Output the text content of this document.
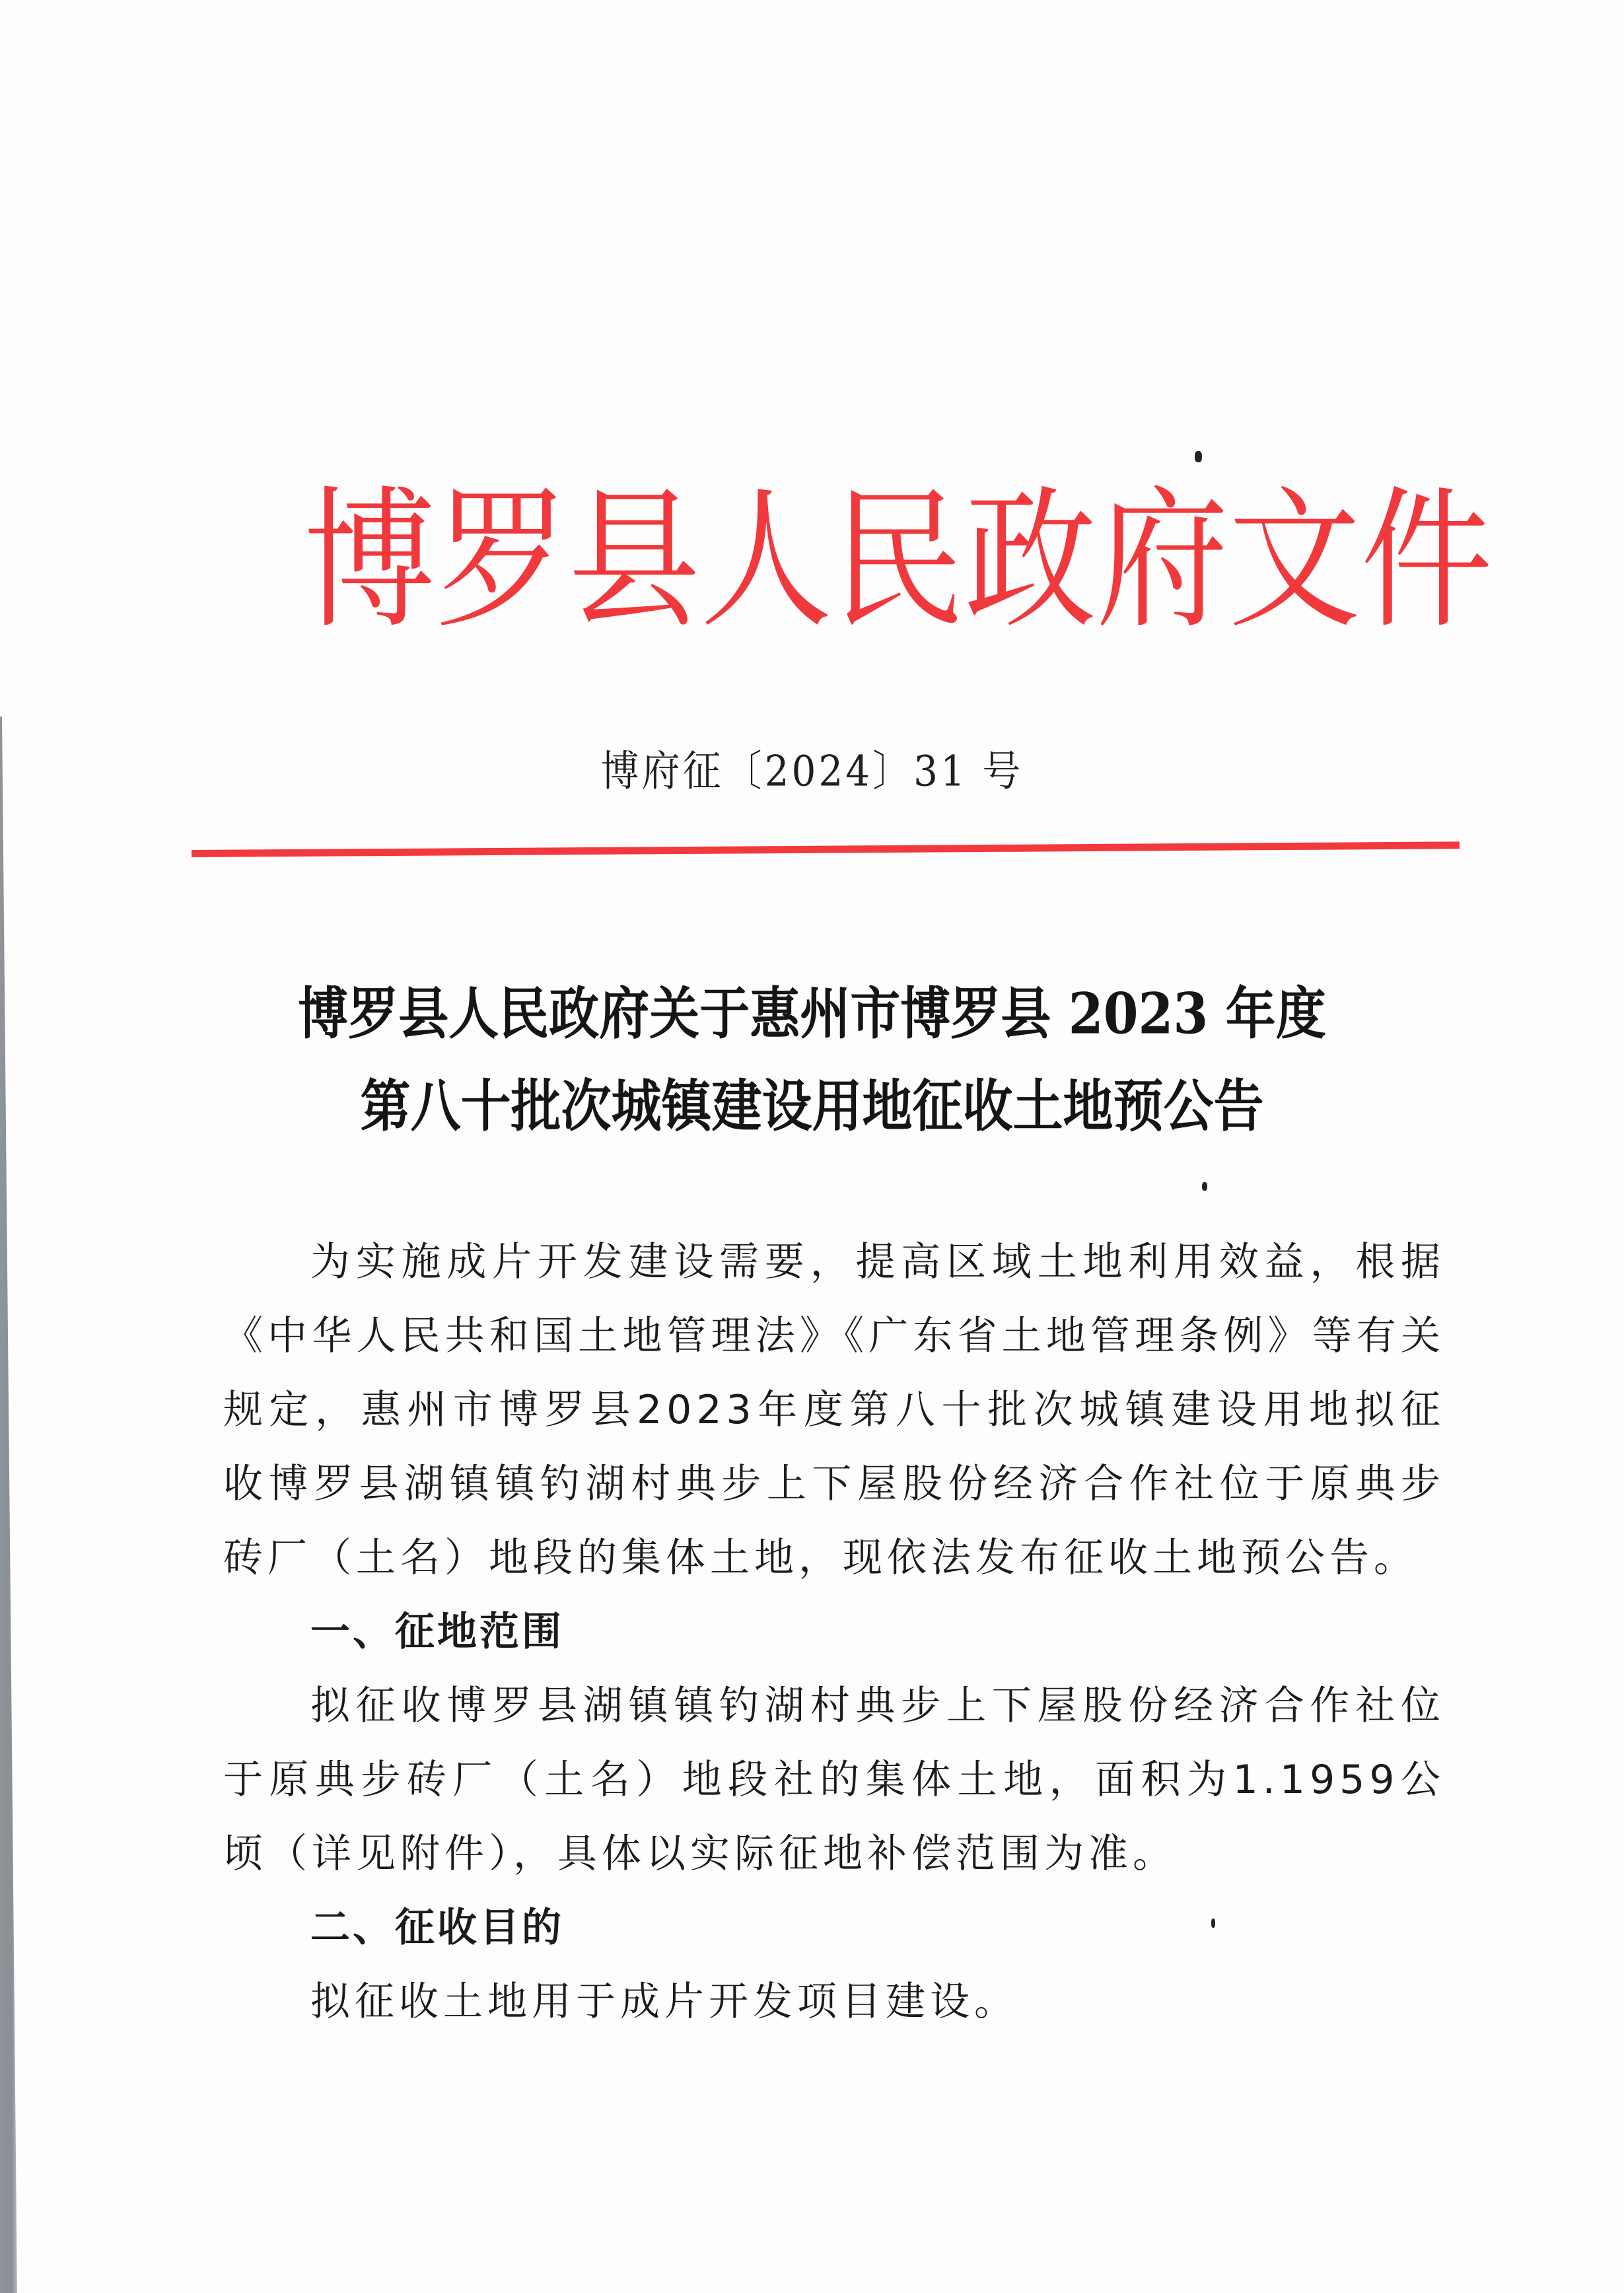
博 罗 县 人 民 政 府 文 件
博府征〔2024〕31 号
博罗县人民政府关于惠州市博罗县 2023 年度
第八十批次城镇建设用地征收土地预公告

为实施成片开发建设需要，提高区域土地利用效益，根据《中华人民共和国土地管理法》《广东省土地管理条例》等有关规定，惠州市博罗县2023年度第八十批次城镇建设用地拟征收博罗县湖镇镇钓湖村典步上下屋股份经济合作社位于原典步砖厂（土名）地段的集体土地，现依法发布征收土地预公告。

一、征地范围

拟征收博罗县湖镇镇钓湖村典步上下屋股份经济合作社位于原典步砖厂（土名）地段社的集体土地，面积为1.1959公顷（详见附件），具体以实际征地补偿范围为准。

二、征收目的

拟征收土地用于成片开发项目建设。
